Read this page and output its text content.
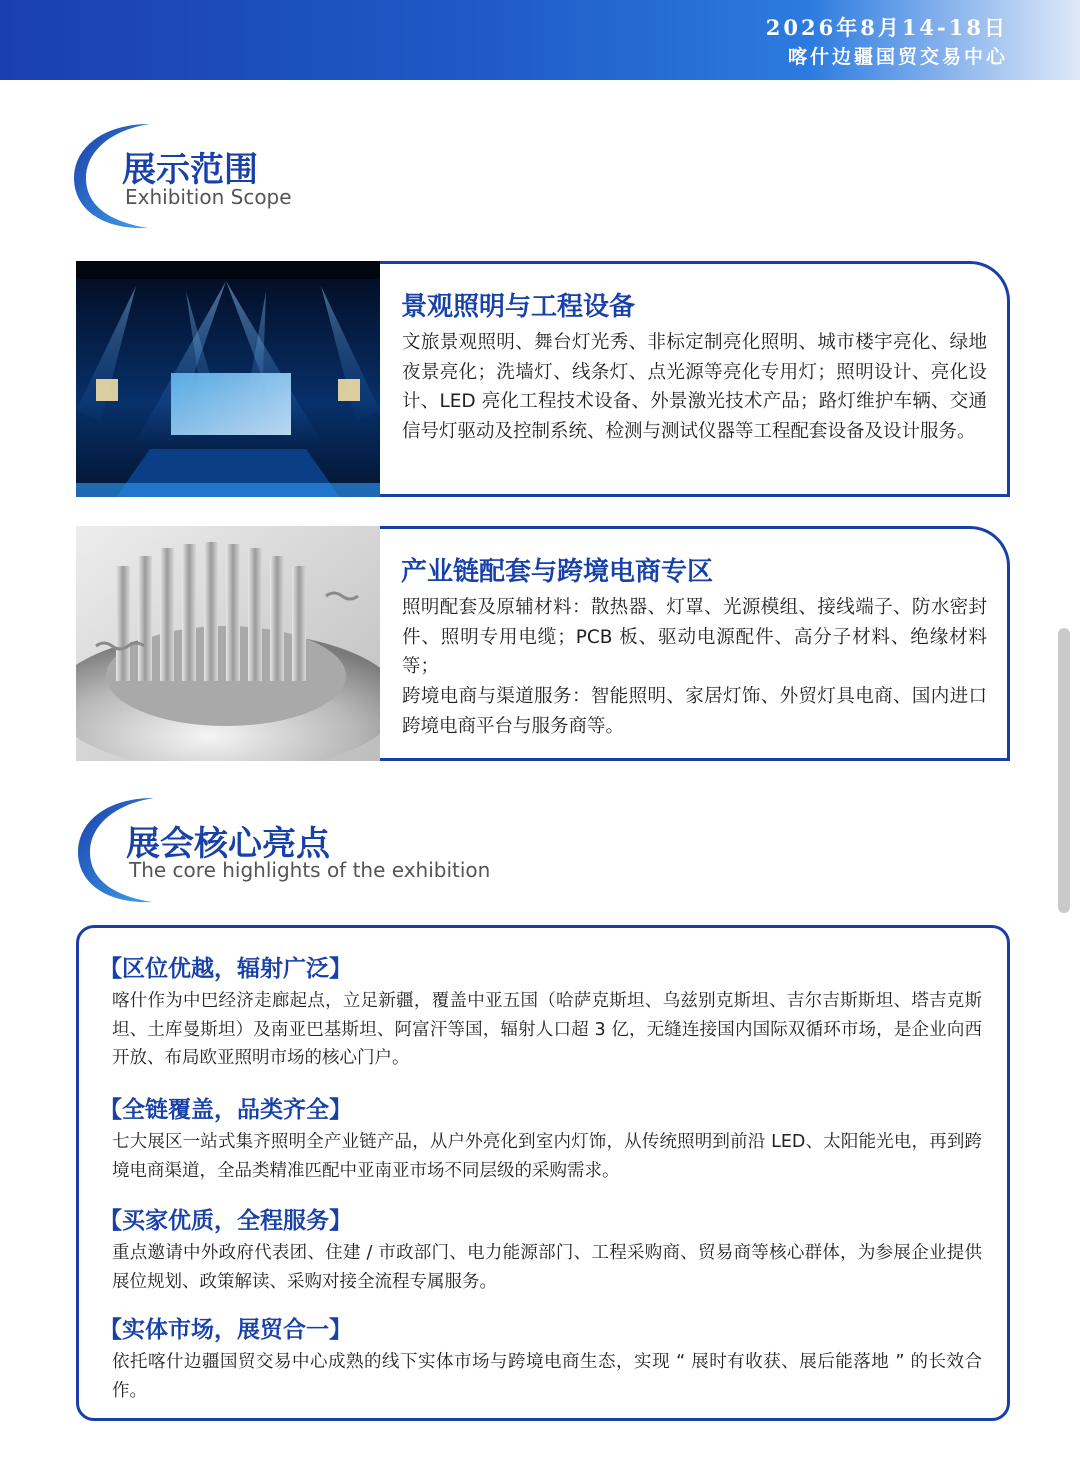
2026年8月14-18日
喀什边疆国贸交易中心
展示范围
Exhibition Scope
景观照明与工程设备
文旅景观照明、舞台灯光秀、非标定制亮化照明、城市楼宇亮化、绿地夜景亮化；洗墙灯、线条灯、点光源等亮化专用灯；照明设计、亮化设计、LED 亮化工程技术设备、外景激光技术产品；路灯维护车辆、交通信号灯驱动及控制系统、检测与测试仪器等工程配套设备及设计服务。
产业链配套与跨境电商专区
照明配套及原辅材料：散热器、灯罩、光源模组、接线端子、防水密封件、照明专用电缆；PCB 板、驱动电源配件、高分子材料、绝缘材料等；
跨境电商与渠道服务：智能照明、家居灯饰、外贸灯具电商、国内进口跨境电商平台与服务商等。
展会核心亮点
The core highlights of the exhibition
【区位优越，辐射广泛】
喀什作为中巴经济走廊起点，立足新疆，覆盖中亚五国（哈萨克斯坦、乌兹别克斯坦、吉尔吉斯斯坦、塔吉克斯坦、土库曼斯坦）及南亚巴基斯坦、阿富汗等国，辐射人口超 3 亿，无缝连接国内国际双循环市场，是企业向西开放、布局欧亚照明市场的核心门户。
【全链覆盖，品类齐全】
七大展区一站式集齐照明全产业链产品，从户外亮化到室内灯饰，从传统照明到前沿 LED、太阳能光电，再到跨境电商渠道，全品类精准匹配中亚南亚市场不同层级的采购需求。
【买家优质，全程服务】
重点邀请中外政府代表团、住建 / 市政部门、电力能源部门、工程采购商、贸易商等核心群体，为参展企业提供展位规划、政策解读、采购对接全流程专属服务。
【实体市场，展贸合一】
依托喀什边疆国贸交易中心成熟的线下实体市场与跨境电商生态，实现 “ 展时有收获、展后能落地 ” 的长效合作。
